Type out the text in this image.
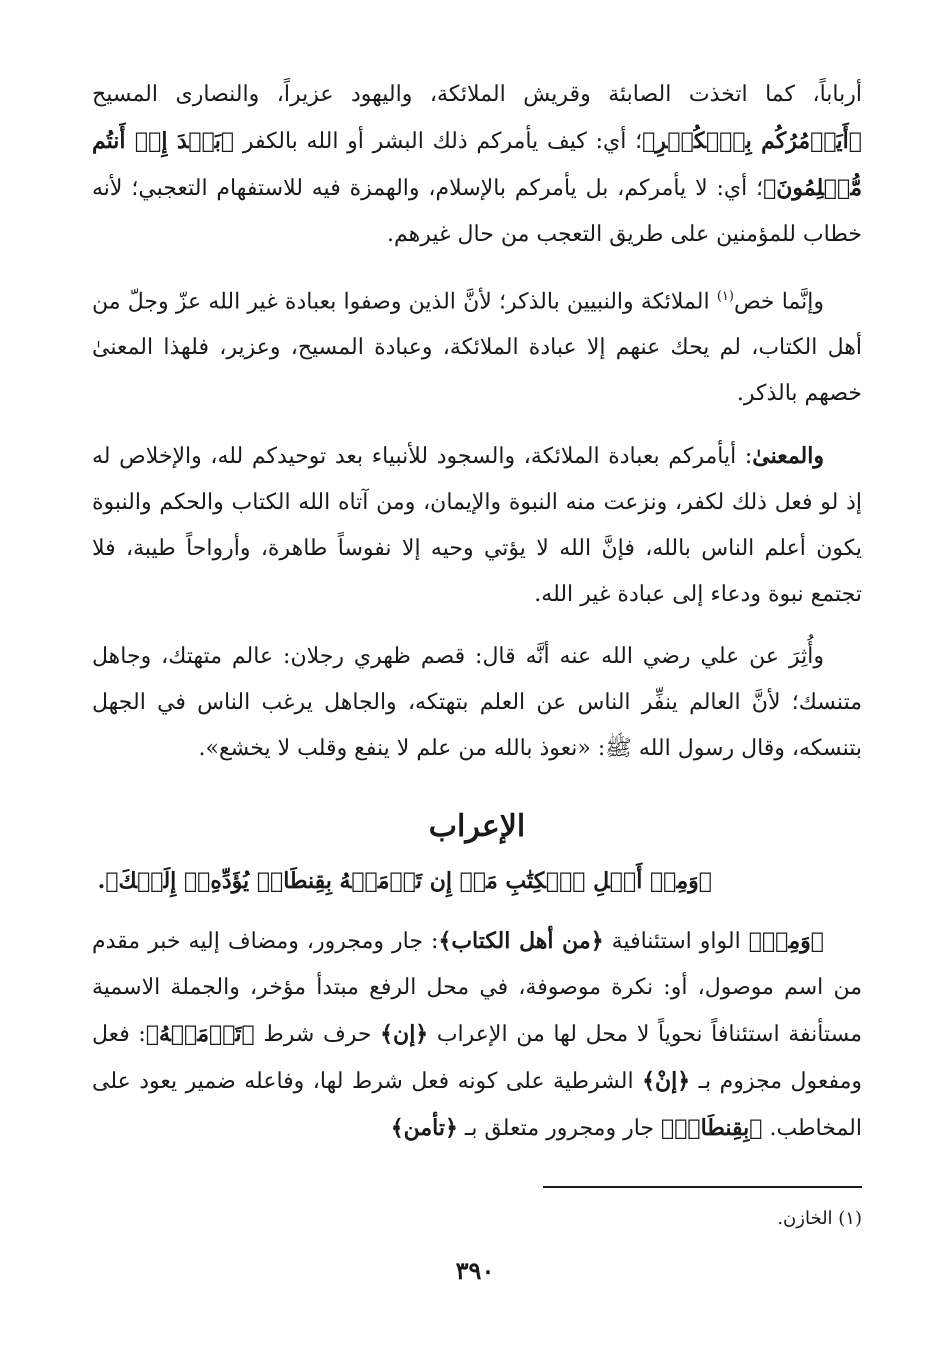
أرباباً، كما اتخذت الصابئة وقريش الملائكة، واليهود عزيراً، والنصارى المسيح ﴿أَيَأۡمُرُكُم بِٱلۡكُفۡرِ﴾؛ أي: كيف يأمركم ذلك البشر أو الله بالكفر ﴿بَعۡدَ إِذۡ أَنتُم مُّسۡلِمُونَ﴾؛ أي: لا يأمركم، بل يأمركم بالإسلام، والهمزة فيه للاستفهام التعجبي؛ لأنه خطاب للمؤمنين على طريق التعجب من حال غيرهم.

وإنَّما خص$^{(١)}$ الملائكة والنبيين بالذكر؛ لأنَّ الذين وصفوا بعبادة غير الله عزّ وجلّ من أهل الكتاب، لم يحك عنهم إلا عبادة الملائكة، وعبادة المسيح، وعزير، فلهذا المعنىٰ خصهم بالذكر.

والمعنىٰ: أيأمركم بعبادة الملائكة، والسجود للأنبياء بعد توحيدكم لله، والإخلاص له إذ لو فعل ذلك لكفر، ونزعت منه النبوة والإيمان، ومن آتاه الله الكتاب والحكم والنبوة يكون أعلم الناس بالله، فإنَّ الله لا يؤتي وحيه إلا نفوساً طاهرة، وأرواحاً طيبة، فلا تجتمع نبوة ودعاء إلى عبادة غير الله.

وأُثِرَ عن علي رضي الله عنه أنَّه قال: قصم ظهري رجلان: عالم متهتك، وجاهل متنسك؛ لأنَّ العالم ينفِّر الناس عن العلم بتهتكه، والجاهل يرغب الناس في الجهل بتنسكه، وقال رسول الله ﷺ: «نعوذ بالله من علم لا ينفع وقلب لا يخشع».

الإعراب

﴿وَمِنۡ أَهۡلِ ٱلۡكِتَٰبِ مَنۡ إِن تَأۡمَنۡهُ بِقِنطَارٖ يُؤَدِّهِۦٓ إِلَيۡكَ﴾.

﴿وَمِنۡ﴾ الواو استئنافية ﴿من أهل الكتاب﴾: جار ومجرور، ومضاف إليه خبر مقدم من اسم موصول، أو: نكرة موصوفة، في محل الرفع مبتدأ مؤخر، والجملة الاسمية مستأنفة استئنافاً نحوياً لا محل لها من الإعراب ﴿إن﴾ حرف شرط ﴿تَأۡمَنۡهُ﴾: فعل ومفعول مجزوم بـ ﴿إنْ﴾ الشرطية على كونه فعل شرط لها، وفاعله ضمير يعود على المخاطب. ﴿بِقِنطَارٖ﴾ جار ومجرور متعلق بـ ﴿تأمن﴾

(١) الخازن.
٣٩٠
